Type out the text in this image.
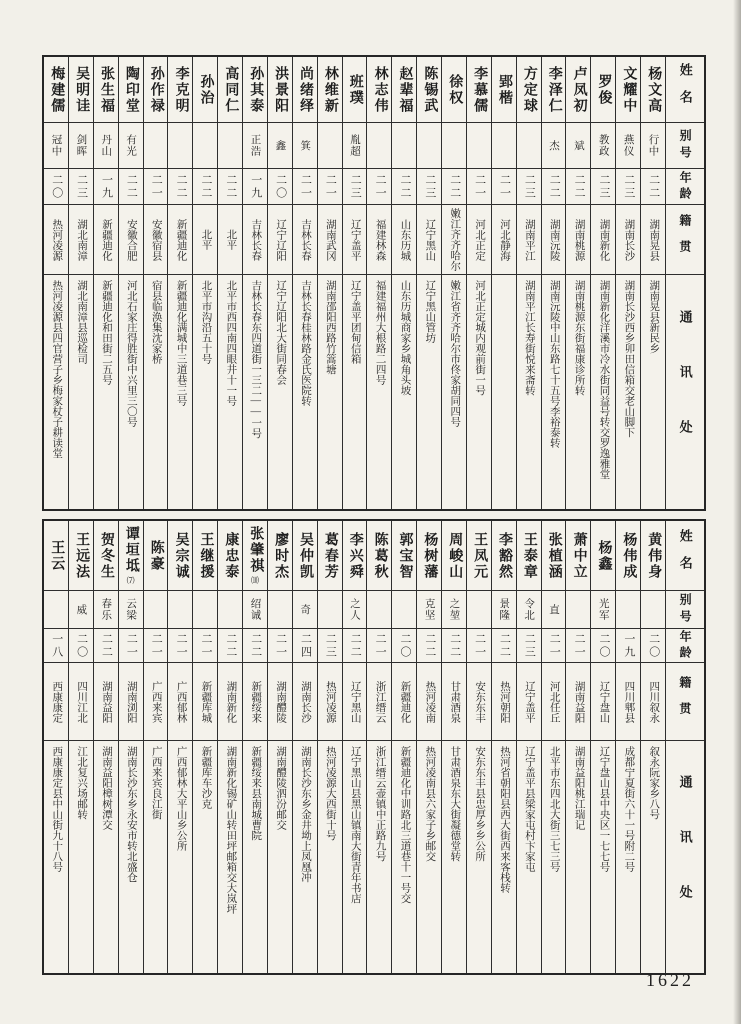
梅建儒
冠中
二〇
热河凌源
热河凌源县四官营子乡梅家杖子耕读堂
吴明诖
剑晖
二三
湖北南漳
湖北南漳县巡检司
张生福
丹山
一九
新疆迪化
新疆迪化和田街二五号
陶印堂
有光
二二
安徽合肥
河北石家庄得胜街中兴里三〇号
孙作禄
二一
安徽宿县
宿县临涣集沈家桥
李克明
二二
新疆迪化
新疆迪化满城中三道巷三号
孙治
二二
北平
北平市沟沿五十号
高同仁
二二
北平
北平市西四南四眼井十一号
孙其泰
正浩
一九
吉林长春
吉林长春东四道街一三二——一号
洪景阳
鑫
二〇
辽宁辽阳
辽宁辽阳北大街同春会
尚绪绎
箕
二一
吉林长春
吉林长春桂林路金氏医院转
林维新
二一
湖南武冈
湖南邵阳西路竹篙塘
班璞
胤超
二三
辽宁盖平
辽宁盖平团甸信箱
林志伟
二一
福建林森
福建福州大根路二四号
赵辈福
二二
山东历城
山东历城商家乡城角头坡
陈锡武
二三
辽宁黑山
辽宁黑山管坊
徐权
二二
嫩江齐齐哈尔
嫩江省齐齐哈尔市佟家胡同四号
李慕儒
二一
河北正定
河北正定城内观前街一号
郢楷
二一
河北静海
方定球
二三
湖南平江
湖南平江长寿街悦来斋转
李泽仁
杰
二二
湖南沅陵
湖南沅陵中山东路七十五号李裕泰转
卢凤初
斌
二二
湖南桃源
湖南桃源东街福康诊所转
罗俊
教政
二三
湖南新化
湖南新化洋溪市冷水街同益号转交罗逸雅堂
文耀中
燕仪
二三
湖南长沙
湖南长沙西乡卯田信箱交老山脚下
杨文高
行中
二二
湖南晃县
湖南晃县新民乡
姓名
别号
年龄
籍贯
通讯处
王云
一八
西康康定
西康康定县中山街九十八号
王远法
威
二〇
四川江北
江北复兴场邮转
贺冬生
春乐
二二
湖南益阳
湖南益阳樟树潭交
谭垣坻
⑺
云梁
二一
湖南浏阳
湖南长沙东乡永安市转北盛仓
陈豪
二一
广西来宾
广西来宾良江街
吴宗诚
二一
广西郁林
广西郁林大平山乡公所
王继援
二一
新疆库城
新疆库车沙克
康忠泰
二二
湖南新化
湖南新化锡矿山转田坪邮箱交大岚坪
张肇祺
⑽
绍诚
二二
新疆绥来
新疆绥来县南城曹院
廖时杰
二一
湖南醴陵
湖南醴陵泗汾邮交
吴仲凯
奇
二四
湖南长沙
湖南长沙东乡金井坳上凤凰冲
葛春芳
二三
热河凌源
热河凌源大西街十号
李兴舜
之人
二二
辽宁黑山
辽宁黑山县黑山镇南大街青年书店
陈葛秋
二一
浙江缙云
浙江缙云壶镇中正路九号
郭宝智
二〇
新疆迪化
新疆迪化中训路北三道巷十一号交
杨树藩
克坚
二二
热河凌南
热河凌南县六家子乡邮交
周峻山
之堃
二二
甘肃酒泉
甘肃酒泉东大街凝德堂转
王凤元
二一
安东东丰
安东东丰县忠厚乡乡公所
李豁然
景隆
二二
热河朝阳
热河省朝阳县西大街西来客栈转
王泰章
令北
二三
辽宁盖平
辽宁盖平县梁家屯村卞家屯
张植涵
直
二一
河北任丘
北平市东四北大街三七三号
萧中立
二一
湖南益阳
湖南益阳桃江瑞记
杨鑫
光军
二〇
辽宁盘山
辽宁盘山县中央区一七七号
杨伟成
一九
四川郫县
成都宁夏街六十一号附二号
黄伟身
二〇
四川叙永
叙永阮家乡八号
姓名
别号
年龄
籍贯
通讯处
1622
